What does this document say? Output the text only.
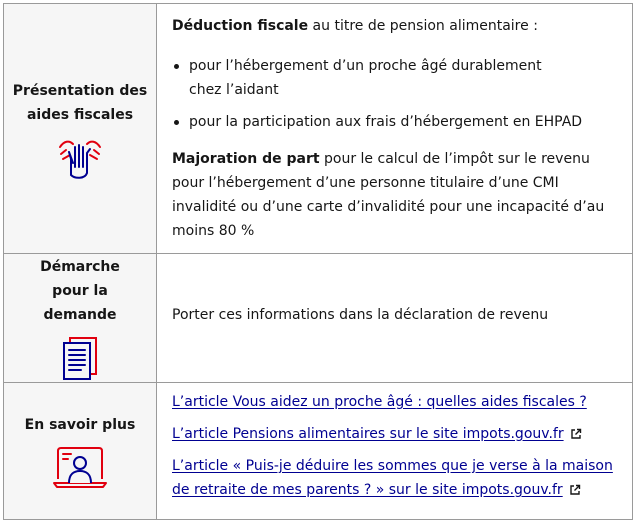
Présentation des aides fiscales

Déduction fiscale au titre de pension alimentaire :

pour l’hébergement d’un proche âgé durablement chez l’aidant
pour la participation aux frais d’hébergement en EHPAD

Majoration de part pour le calcul de l’impôt sur le revenu pour l’hébergement d’une personne titulaire d’une CMI invalidité ou d’une carte d’invalidité pour une incapacité d’au moins 80 %

Démarche pour la demande	Porter ces informations dans la déclaration de revenu

En savoir plus

L’article Vous aidez un proche âgé : quelles aides fiscales ?

L’article Pensions alimentaires sur le site impots.gouv.fr

L’article « Puis-je déduire les sommes que je verse à la maison de retraite de mes parents ? » sur le site impots.gouv.fr
